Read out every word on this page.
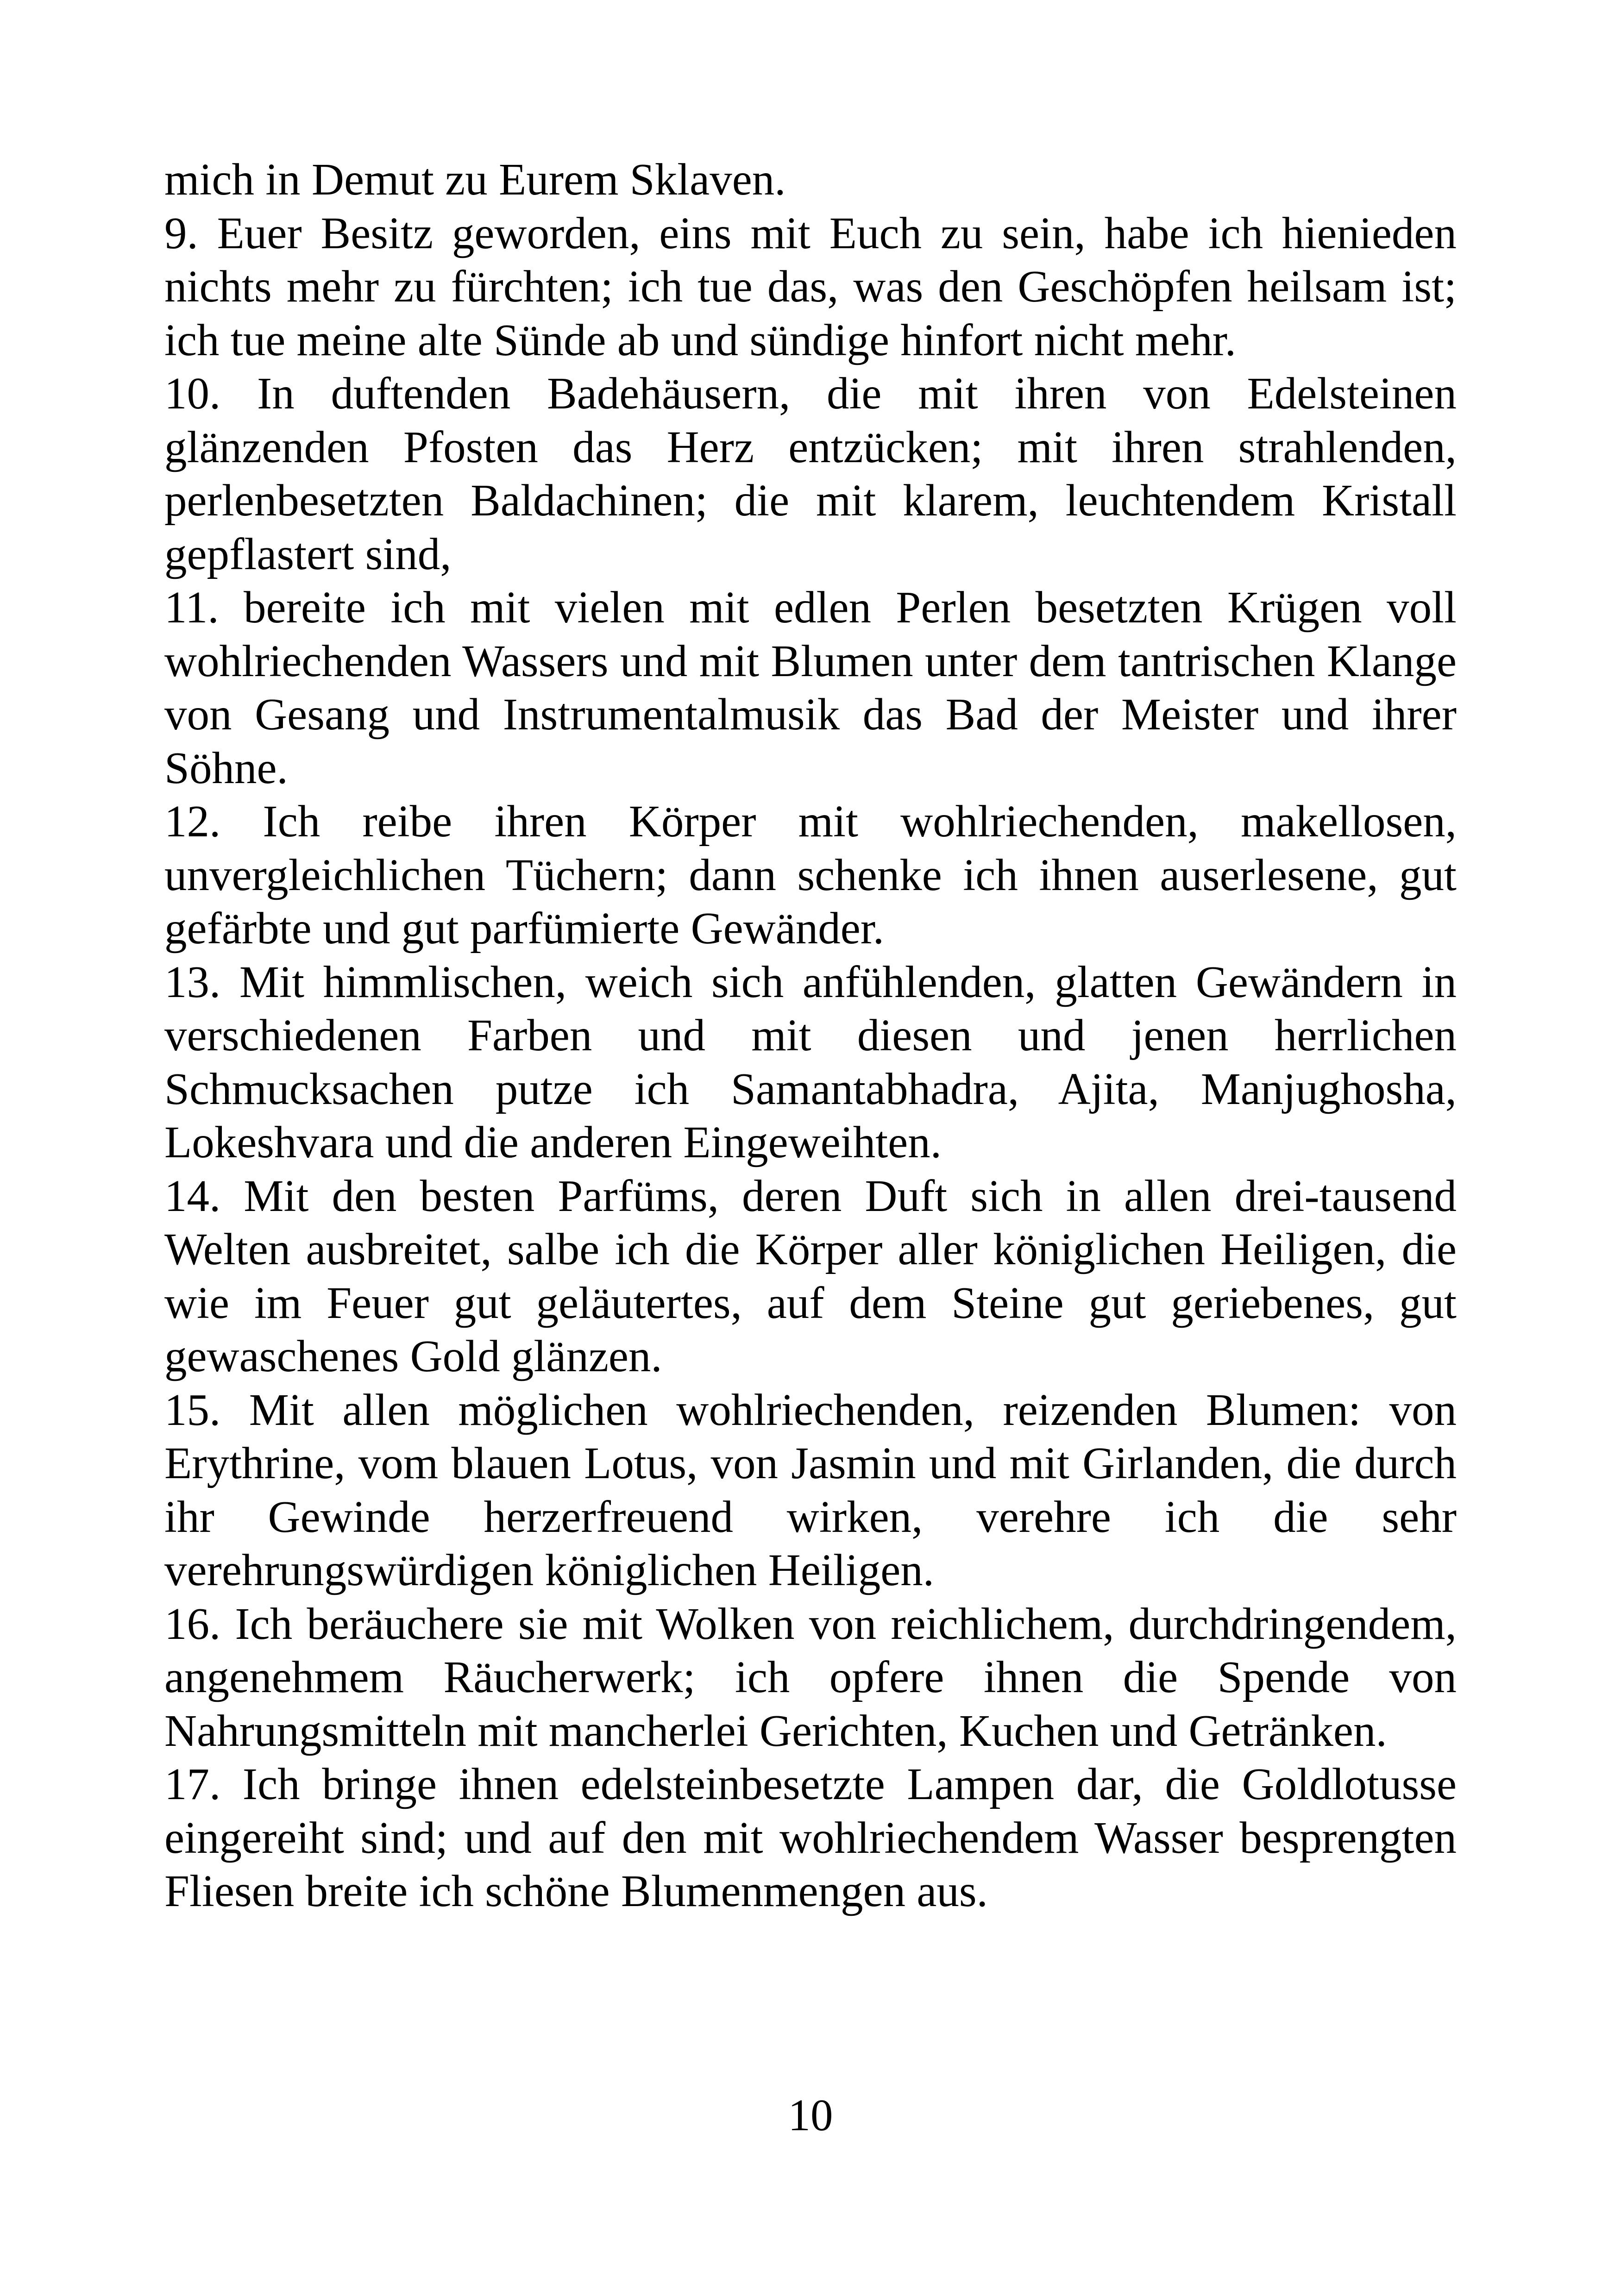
mich in Demut zu Eurem Sklaven.

9. Euer Besitz geworden, eins mit Euch zu sein, habe ich hienieden nichts mehr zu fürchten; ich tue das, was den Geschöpfen heilsam ist; ich tue meine alte Sünde ab und sündige hinfort nicht mehr.

10. In duftenden Badehäusern, die mit ihren von Edelsteinen glänzenden Pfosten das Herz entzücken; mit ihren strahlenden, perlenbesetzten Baldachinen; die mit klarem, leuchtendem Kristall gepflastert sind,

11. bereite ich mit vielen mit edlen Perlen besetzten Krügen voll wohlriechenden Wassers und mit Blumen unter dem tantrischen Klange von Gesang und Instrumentalmusik das Bad der Meister und ihrer Söhne.

12. Ich reibe ihren Körper mit wohlriechenden, makellosen, unvergleichlichen Tüchern; dann schenke ich ihnen auserlesene, gut gefärbte und gut parfümierte Gewänder.

13. Mit himmlischen, weich sich anfühlenden, glatten Gewändern in verschiedenen Farben und mit diesen und jenen herrlichen Schmucksachen putze ich Samantabhadra, Ajita, Manjughosha, Lokeshvara und die anderen Eingeweihten.

14. Mit den besten Parfüms, deren Duft sich in allen drei-tausend Welten ausbreitet, salbe ich die Körper aller königlichen Heiligen, die wie im Feuer gut geläutertes, auf dem Steine gut geriebenes, gut gewaschenes Gold glänzen.

15. Mit allen möglichen wohlriechenden, reizenden Blumen: von Erythrine, vom blauen Lotus, von Jasmin und mit Girlanden, die durch ihr Gewinde herzerfreuend wirken, verehre ich die sehr verehrungswürdigen königlichen Heiligen.

16. Ich beräuchere sie mit Wolken von reichlichem, durchdringendem, angenehmem Räucherwerk; ich opfere ihnen die Spende von Nahrungsmitteln mit mancherlei Gerichten, Kuchen und Getränken.

17. Ich bringe ihnen edelsteinbesetzte Lampen dar, die Goldlotusse eingereiht sind; und auf den mit wohlriechendem Wasser besprengten Fliesen breite ich schöne Blumenmengen aus.

10
